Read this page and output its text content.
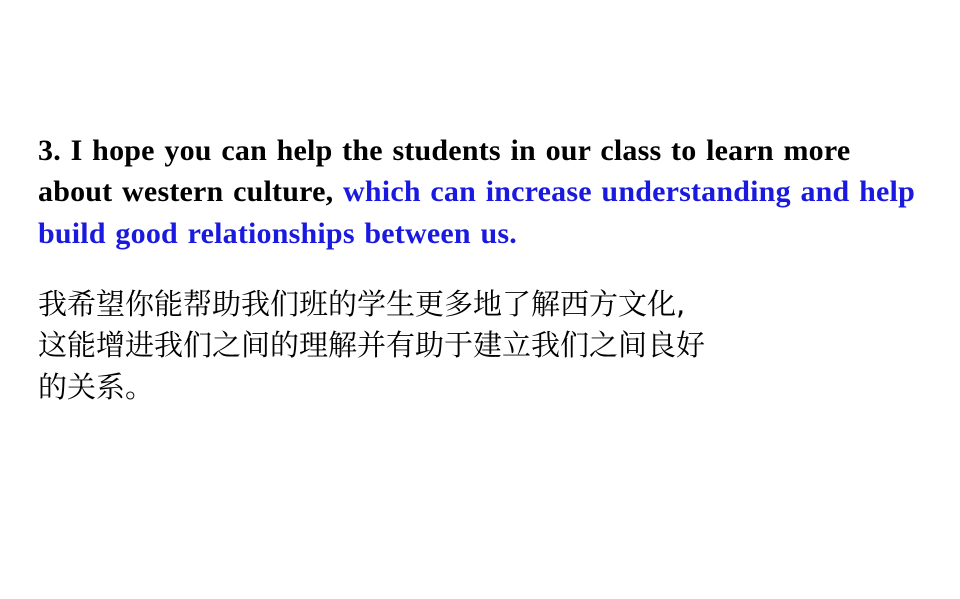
3. I hope you can help the students in our class to learn more about western culture, which can increase understanding and help build good relationships between us.

我希望你能帮助我们班的学生更多地了解西方文化,
这能增进我们之间的理解并有助于建立我们之间良好
的关系。
